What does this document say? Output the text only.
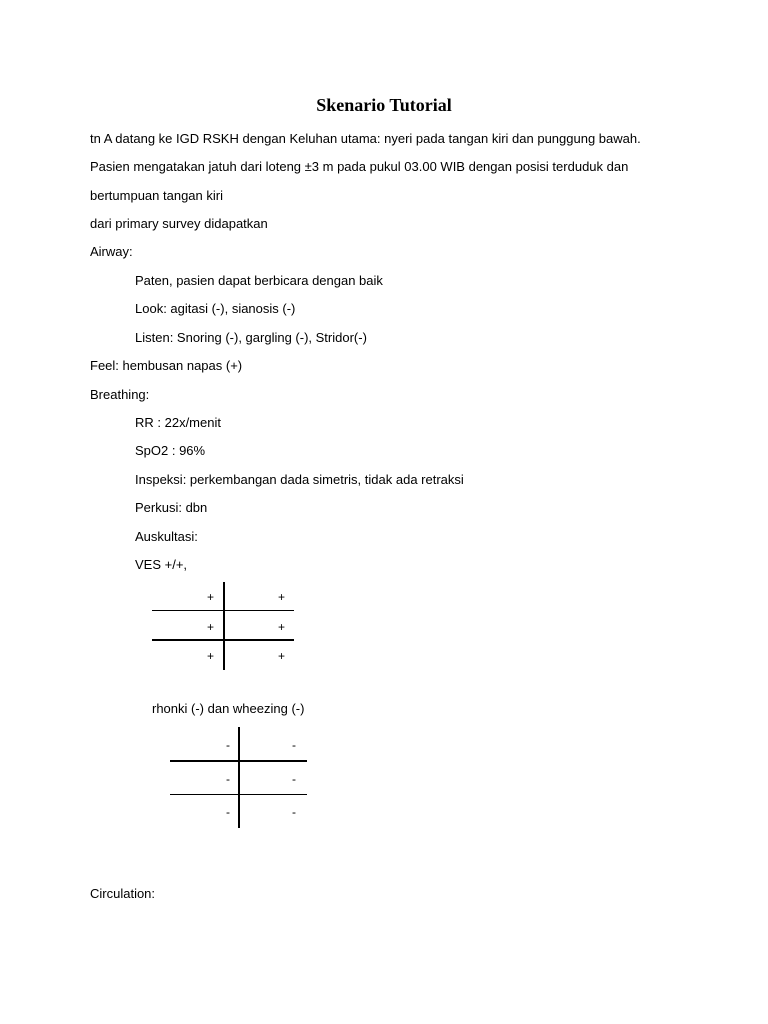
Skenario Tutorial
tn A datang ke IGD RSKH dengan Keluhan utama: nyeri pada tangan kiri dan punggung bawah.
Pasien mengatakan jatuh dari loteng ±3 m pada pukul 03.00 WIB dengan posisi terduduk dan
bertumpuan tangan kiri
dari primary survey didapatkan
Airway:
Paten, pasien dapat berbicara dengan baik
Look: agitasi (-), sianosis (-)
Listen: Snoring (-), gargling (-), Stridor(-)
Feel: hembusan napas (+)
Breathing:
RR : 22x/menit
SpO2 : 96%
Inspeksi: perkembangan dada simetris, tidak ada retraksi
Perkusi: dbn
Auskultasi:
VES +/+,
+	+
+	+
+	+
rhonki (-) dan wheezing (-)
-	-
-	-
-	-
Circulation:
